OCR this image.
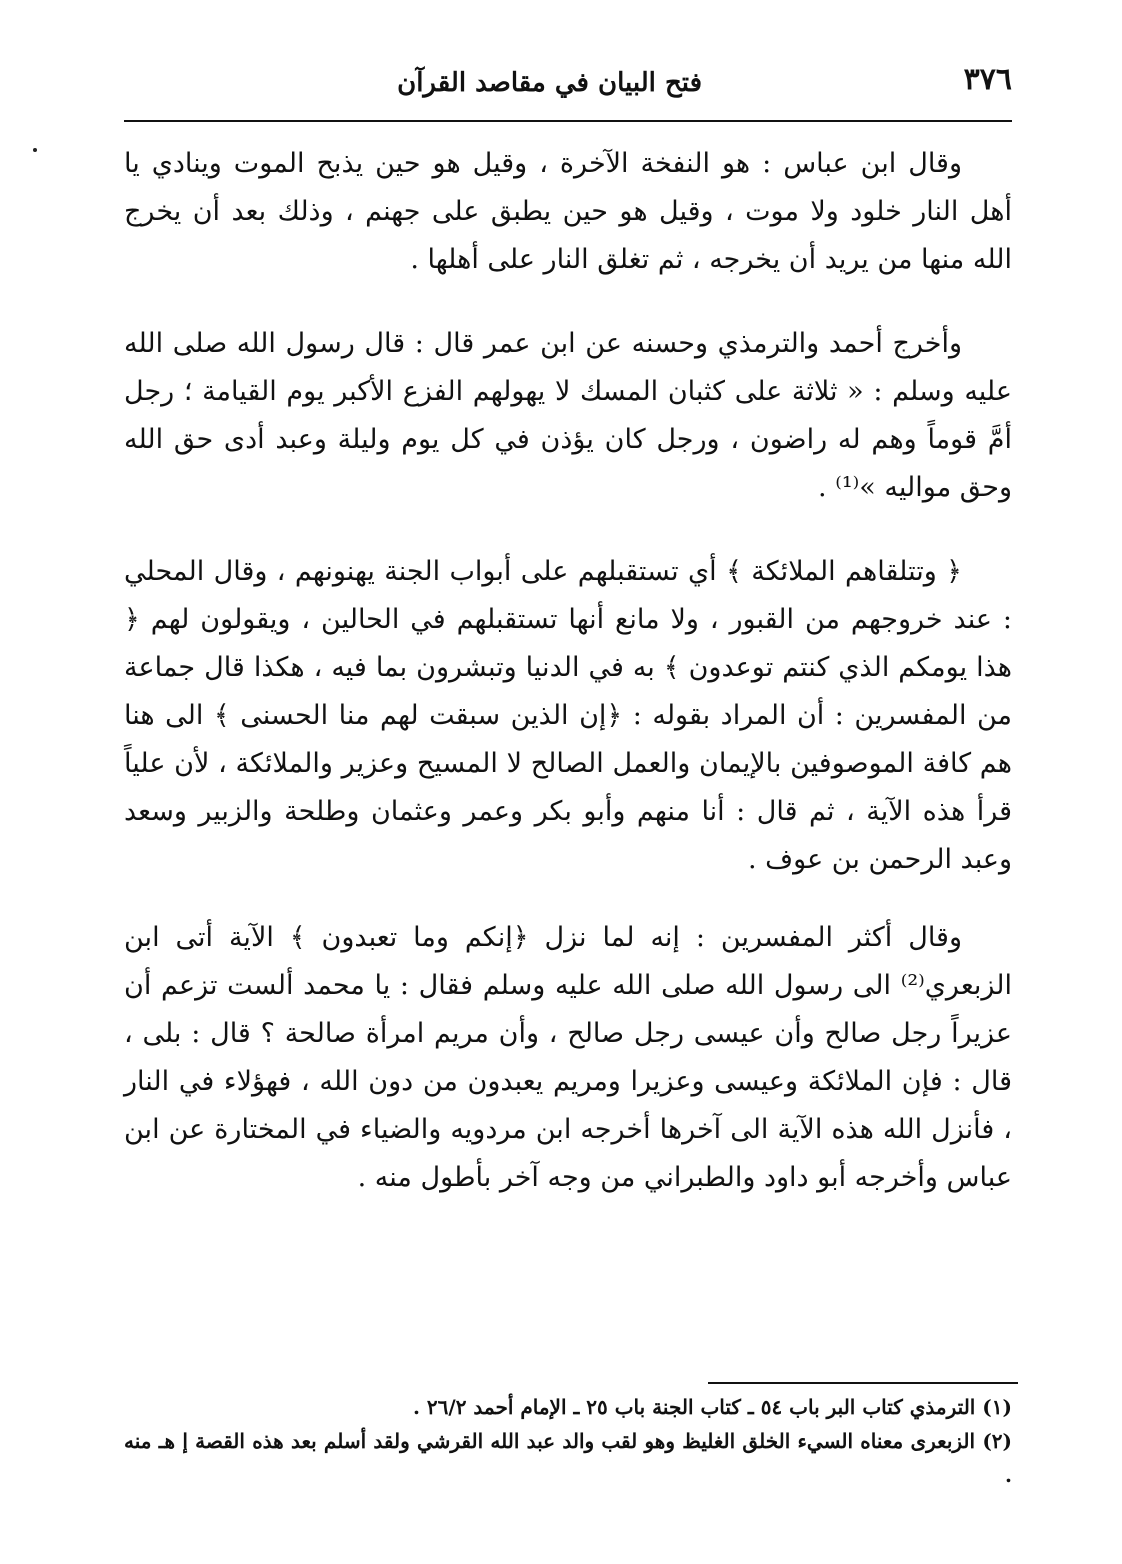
٣٧٦
فتح البيان في مقاصد القرآن

وقال ابن عباس : هو النفخة الآخرة ، وقيل هو حين يذبح الموت وينادي يا أهل النار خلود ولا موت ، وقيل هو حين يطبق على جهنم ، وذلك بعد أن يخرج الله منها من يريد أن يخرجه ، ثم تغلق النار على أهلها .

وأخرج أحمد والترمذي وحسنه عن ابن عمر قال : قال رسول الله صلى الله عليه وسلم : « ثلاثة على كثبان المسك لا يهولهم الفزع الأكبر يوم القيامة ؛ رجل أمَّ قوماً وهم له راضون ، ورجل كان يؤذن في كل يوم وليلة وعبد أدى حق الله وحق مواليه »⁽¹⁾ .

﴿ وتتلقاهم الملائكة ﴾ أي تستقبلهم على أبواب الجنة يهنونهم ، وقال المحلي : عند خروجهم من القبور ، ولا مانع أنها تستقبلهم في الحالين ، ويقولون لهم ﴿ هذا يومكم الذي كنتم توعدون ﴾ به في الدنيا وتبشرون بما فيه ، هكذا قال جماعة من المفسرين : أن المراد بقوله : ﴿إن الذين سبقت لهم منا الحسنى ﴾ الى هنا هم كافة الموصوفين بالإيمان والعمل الصالح لا المسيح وعزير والملائكة ، لأن علياً قرأ هذه الآية ، ثم قال : أنا منهم وأبو بكر وعمر وعثمان وطلحة والزبير وسعد وعبد الرحمن بن عوف .

وقال أكثر المفسرين : إنه لما نزل ﴿إنكم وما تعبدون ﴾ الآية أتى ابن الزبعري⁽²⁾ الى رسول الله صلى الله عليه وسلم فقال : يا محمد ألست تزعم أن عزيراً رجل صالح وأن عيسى رجل صالح ، وأن مريم امرأة صالحة ؟ قال : بلى ، قال : فإن الملائكة وعيسى وعزيرا ومريم يعبدون من دون الله ، فهؤلاء في النار ، فأنزل الله هذه الآية الى آخرها أخرجه ابن مردويه والضياء في المختارة عن ابن عباس وأخرجه أبو داود والطبراني من وجه آخر بأطول منه .

(١) الترمذي كتاب البر باب ٥٤ ـ كتاب الجنة باب ٢٥ ـ الإمام أحمد ٢٦/٢ .

(٢) الزبعرى معناه السيء الخلق الغليظ وهو لقب والد عبد الله القرشي ولقد أسلم بعد هذه القصة إ هـ منه .
